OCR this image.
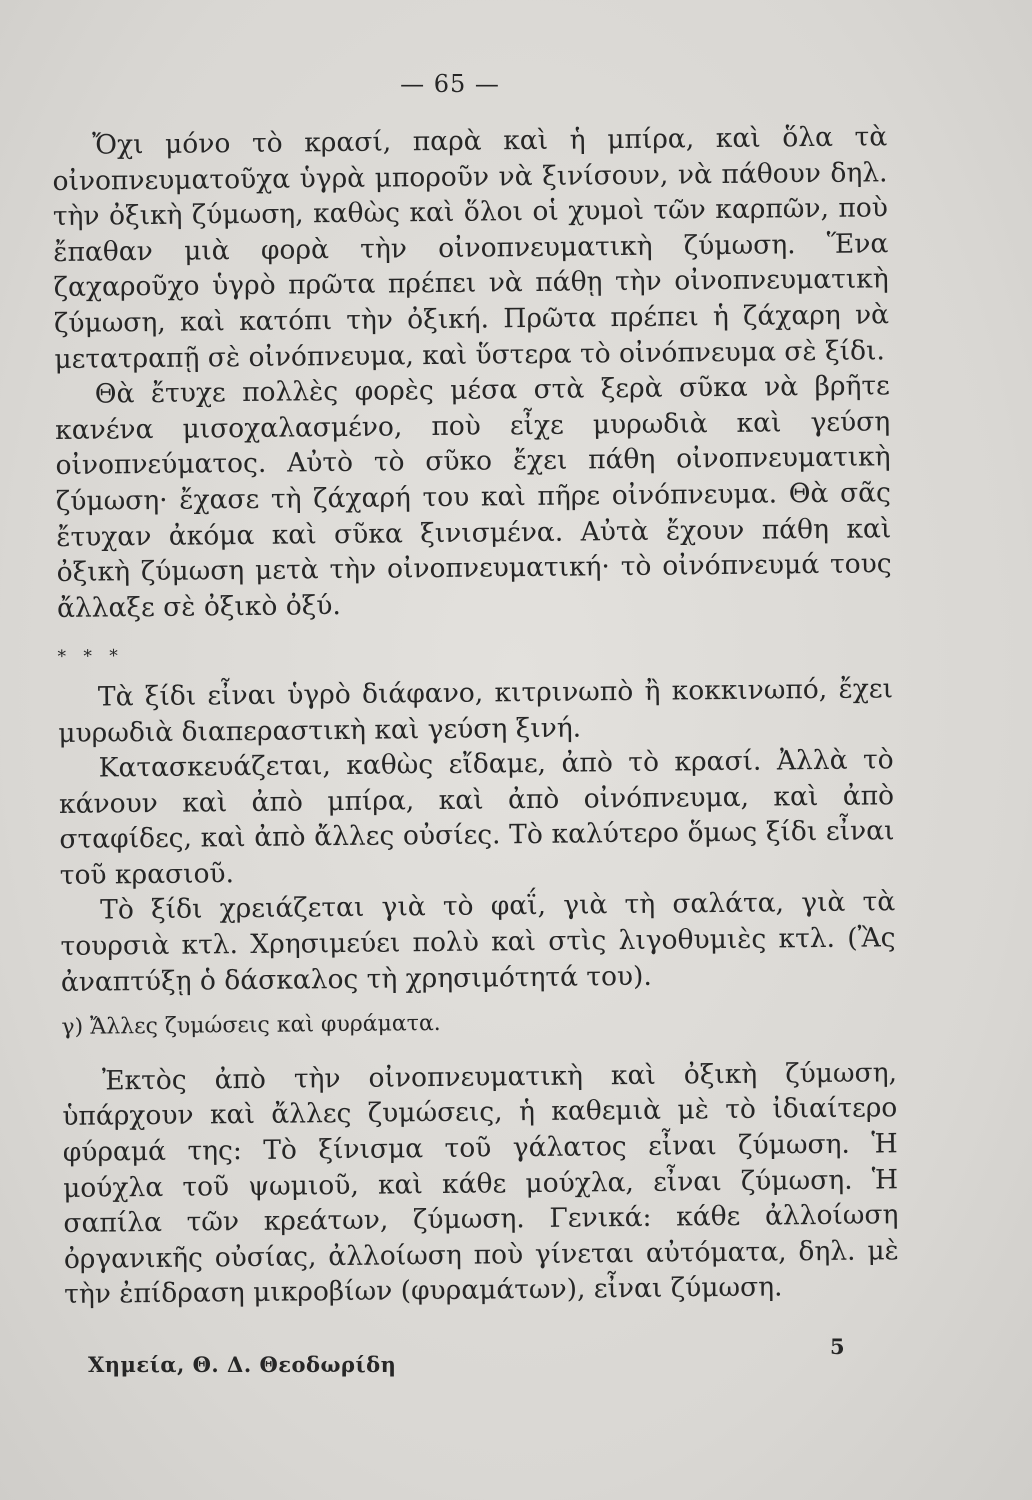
— 65 —

Ὄχι μόνο τὸ κρασί, παρὰ καὶ ἡ μπίρα, καὶ ὅλα τὰ οἰνοπνευματοῦχα ὑγρὰ μποροῦν νὰ ξινίσουν, νὰ πάθουν δηλ. τὴν ὀξικὴ ζύμωση, καθὼς καὶ ὅλοι οἱ χυμοὶ τῶν καρπῶν, ποὺ ἔπαθαν μιὰ φορὰ τὴν οἰνοπνευματικὴ ζύμωση. Ἕνα ζαχαροῦχο ὑγρὸ πρῶτα πρέπει νὰ πάθῃ τὴν οἰνοπνευματικὴ ζύμωση, καὶ κατόπι τὴν ὀξική. Πρῶτα πρέπει ἡ ζάχαρη νὰ μετατραπῇ σὲ οἰνόπνευμα, καὶ ὕστερα τὸ οἰνόπνευμα σὲ ξίδι.

Θὰ ἔτυχε πολλὲς φορὲς μέσα στὰ ξερὰ σῦκα νὰ βρῆτε κανένα μισοχαλασμένο, ποὺ εἶχε μυρωδιὰ καὶ γεύση οἰνοπνεύματος. Αὐτὸ τὸ σῦκο ἔχει πάθη οἰνοπνευματικὴ ζύμωση· ἔχασε τὴ ζάχαρή του καὶ πῆρε οἰνόπνευμα. Θὰ σᾶς ἔτυχαν ἀκόμα καὶ σῦκα ξινισμένα. Αὐτὰ ἔχουν πάθη καὶ ὀξικὴ ζύμωση μετὰ τὴν οἰνοπνευματική· τὸ οἰνόπνευμά τους ἄλλαξε σὲ ὀξικὸ ὀξύ.

* * *

Τὰ ξίδι εἶναι ὑγρὸ διάφανο, κιτρινωπὸ ἢ κοκκινωπό, ἔχει μυρωδιὰ διαπεραστικὴ καὶ γεύση ξινή.

Κατασκευάζεται, καθὼς εἴδαμε, ἀπὸ τὸ κρασί. Ἀλλὰ τὸ κάνουν καὶ ἀπὸ μπίρα, καὶ ἀπὸ οἰνόπνευμα, καὶ ἀπὸ σταφίδες, καὶ ἀπὸ ἄλλες οὐσίες. Τὸ καλύτερο ὅμως ξίδι εἶναι τοῦ κρασιοῦ.

Τὸ ξίδι χρειάζεται γιὰ τὸ φαΐ, γιὰ τὴ σαλάτα, γιὰ τὰ τουρσιὰ κτλ. Χρησιμεύει πολὺ καὶ στὶς λιγοθυμιὲς κτλ. (Ἂς ἀναπτύξῃ ὁ δάσκαλος τὴ χρησιμότητά του).

γ) Ἄλλες ζυμώσεις καὶ φυράματα.

Ἐκτὸς ἀπὸ τὴν οἰνοπνευματικὴ καὶ ὀξικὴ ζύμωση, ὑπάρχουν καὶ ἄλλες ζυμώσεις, ἡ καθεμιὰ μὲ τὸ ἰδιαίτερο φύραμά της: Τὸ ξίνισμα τοῦ γάλατος εἶναι ζύμωση. Ἡ μούχλα τοῦ ψωμιοῦ, καὶ κάθε μούχλα, εἶναι ζύμωση. Ἡ σαπίλα τῶν κρεάτων, ζύμωση. Γενικά: κάθε ἀλλοίωση ὀργανικῆς οὐσίας, ἀλλοίωση ποὺ γίνεται αὐτόματα, δηλ. μὲ τὴν ἐπίδραση μικροβίων (φυραμάτων), εἶναι ζύμωση.

Χημεία, Θ. Δ. Θεοδωρίδη
5
